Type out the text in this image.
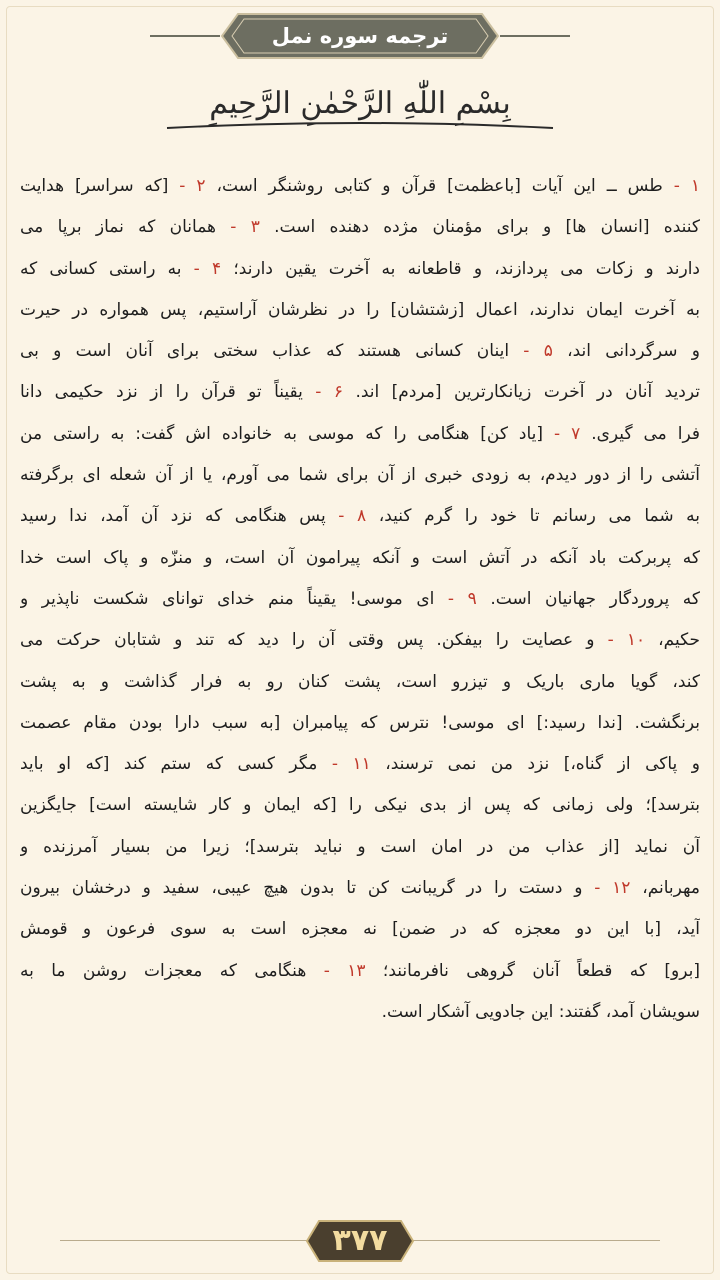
ترجمه سوره نمل
بِسْمِ اللّٰهِ الرَّحْمٰنِ الرَّحِيمِ
۱ - طس ــ این آیات [باعظمت] قرآن و کتابی روشنگر است، ۲ - [که سراسر] هدایت
کننده [انسان ها] و برای مؤمنان مژده دهنده است. ۳ - همانان که نماز برپا می
دارند و زکات می پردازند، و قاطعانه به آخرت یقین دارند؛ ۴ - به راستی کسانی که
به آخرت ایمان ندارند، اعمال [زشتشان] را در نظرشان آراستیم، پس همواره در حیرت
و سرگردانی اند، ۵ - اینان کسانی هستند که عذاب سختی برای آنان است و بی
تردید آنان در آخرت زیانکارترین [مردم] اند. ۶ - یقیناً تو قرآن را از نزد حکیمی دانا
فرا می گیری. ۷ - [یاد کن] هنگامی را که موسی به خانواده اش گفت: به راستی من
آتشی را از دور دیدم، به زودی خبری از آن برای شما می آورم، یا از آن شعله ای برگرفته
به شما می رسانم تا خود را گرم کنید، ۸ - پس هنگامی که نزد آن آمد، ندا رسید
که پربرکت باد آنکه در آتش است و آنکه پیرامون آن است، و منزّه و پاک است خدا
که پروردگار جهانیان است. ۹ - ای موسی! یقیناً منم خدای توانای شکست ناپذیر و
حکیم، ۱۰ - و عصایت را بیفکن. پس وقتی آن را دید که تند و شتابان حرکت می
کند، گویا ماری باریک و تیزرو است، پشت کنان رو به فرار گذاشت و به پشت
برنگشت. [ندا رسید:] ای موسی! نترس که پیامبران [به سبب دارا بودن مقام عصمت
و پاکی از گناه،] نزد من نمی ترسند، ۱۱ - مگر کسی که ستم کند [که او باید
بترسد]؛ ولی زمانی که پس از بدی نیکی را [که ایمان و کار شایسته است] جایگزین
آن نماید [از عذاب من در امان است و نباید بترسد]؛ زیرا من بسیار آمرزنده و
مهربانم، ۱۲ - و دستت را در گریبانت کن تا بدون هیچ عیبی، سفید و درخشان بیرون
آید، [با این دو معجزه که در ضمن] نه معجزه است به سوی فرعون و قومش
[برو] که قطعاً آنان گروهی نافرمانند؛ ۱۳ - هنگامی که معجزات روشن ما به
سویشان آمد، گفتند: این جادویی آشکار است.
۳۷۷
